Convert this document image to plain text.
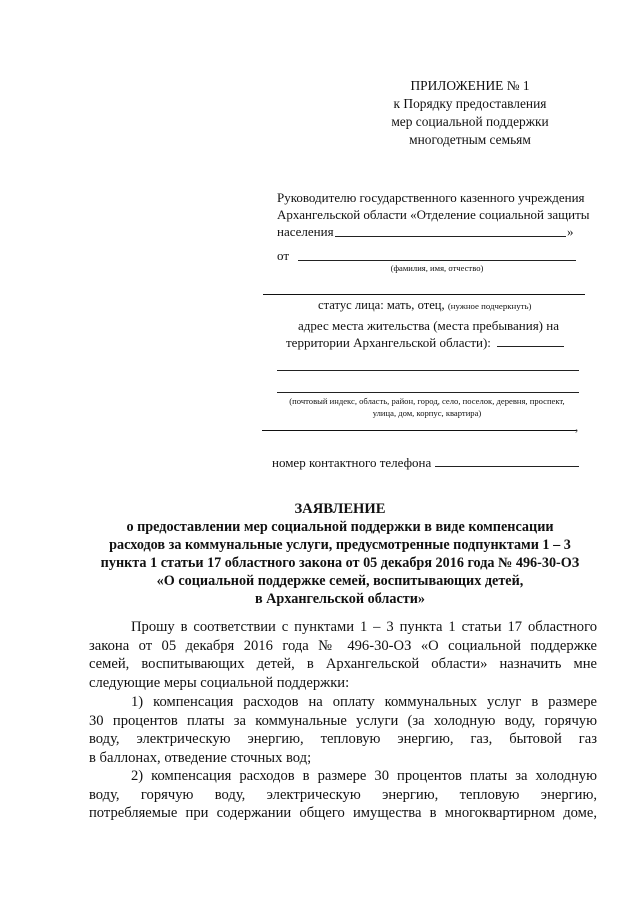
ПРИЛОЖЕНИЕ № 1
к Порядку предоставления
мер социальной поддержки
многодетным семьям
Руководителю государственного казенного учреждения
Архангельской области «Отделение социальной защиты
населения	»
от
(фамилия, имя, отчество)
статус лица: мать, отец, (нужное подчеркнуть)
адрес места жительства (места пребывания) на
территории Архангельской области):
(почтовый индекс, область, район, город, село, поселок, деревня, проспект,
улица, дом, корпус, квартира)
,
номер контактного телефона
ЗАЯВЛЕНИЕ
о предоставлении мер социальной поддержки в виде компенсации
расходов за коммунальные услуги, предусмотренные подпунктами 1 – 3
пункта 1 статьи 17 областного закона от 05 декабря 2016 года № 496-30-ОЗ
«О социальной поддержке семей, воспитывающих детей,
в Архангельской области»
Прошу в соответствии с пунктами 1 – 3 пункта 1 статьи 17 областного
закона от 05 декабря 2016 года № 496-30-ОЗ «О социальной поддержке
семей, воспитывающих детей, в Архангельской области» назначить мне
следующие меры социальной поддержки:
1) компенсация расходов на оплату коммунальных услуг в размере
30 процентов платы за коммунальные услуги (за холодную воду, горячую
воду, электрическую энергию, тепловую энергию, газ, бытовой газ
в баллонах, отведение сточных вод;
2) компенсация расходов в размере 30 процентов платы за холодную
воду, горячую воду, электрическую энергию, тепловую энергию,
потребляемые при содержании общего имущества в многоквартирном доме,
